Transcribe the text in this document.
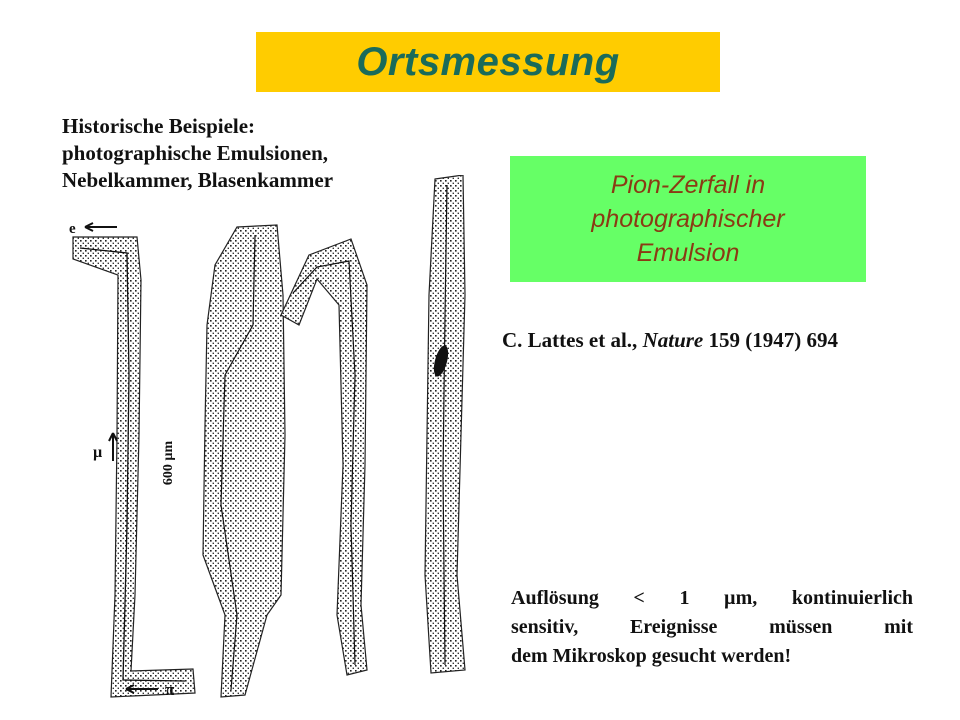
Ortsmessung
Historische Beispiele:
photographische Emulsionen,
Nebelkammer, Blasenkammer	Pion-Zerfall in
photographischer
Emulsion
C. Lattes et al., Nature 159 (1947) 694
Auflösung < 1 µm, kontinuierlich
sensitiv, Ereignisse müssen mit
dem Mikroskop gesucht werden!
e
µ
π
600 µm
